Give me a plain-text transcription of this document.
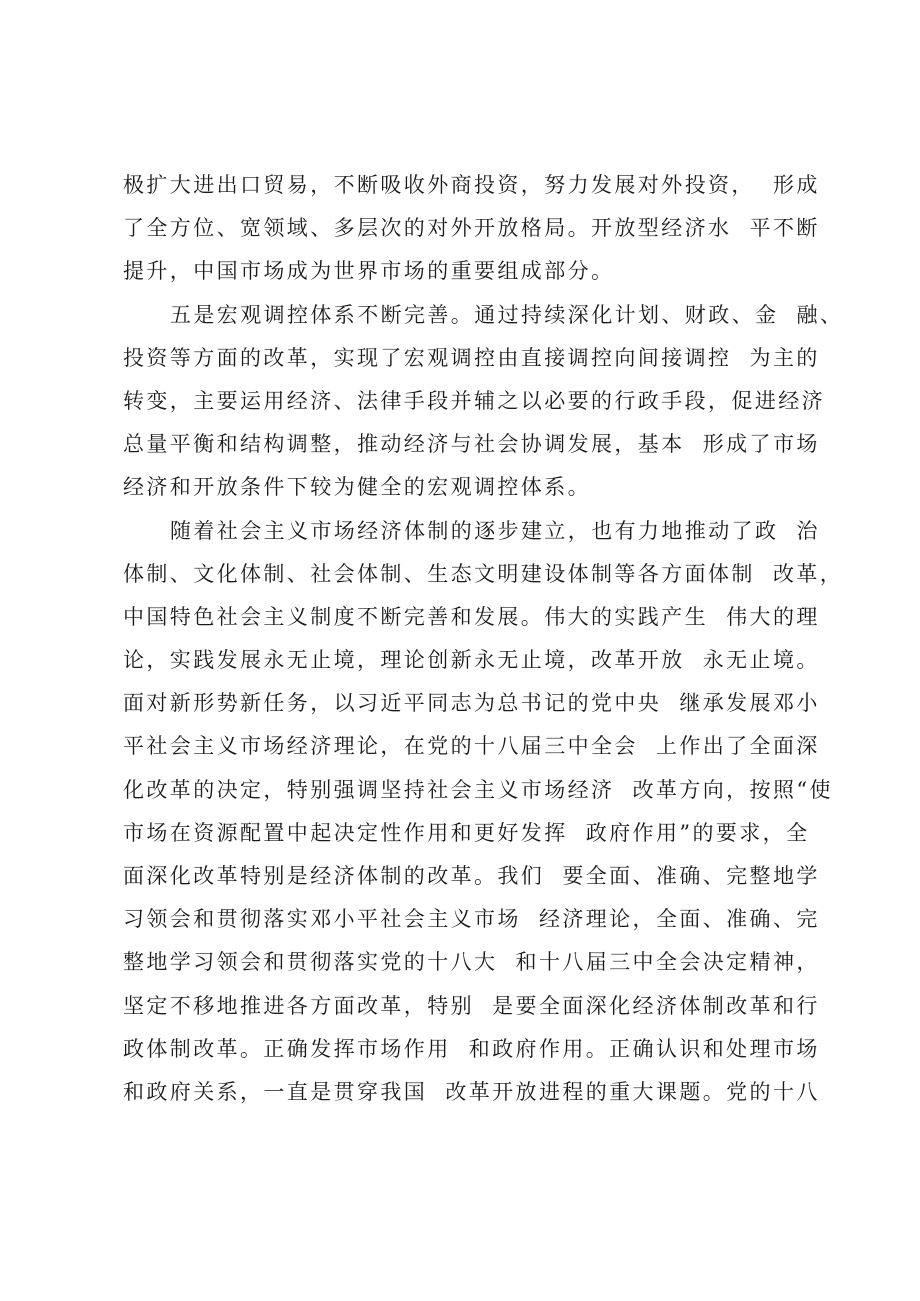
极扩大进出口贸易，不断吸收外商投资，努力发展对外投资，  形成
了全方位、宽领域、多层次的对外开放格局。开放型经济水  平不断
提升，中国市场成为世界市场的重要组成部分。
五是宏观调控体系不断完善。通过持续深化计划、财政、金  融、
投资等方面的改革，实现了宏观调控由直接调控向间接调控  为主的
转变，主要运用经济、法律手段并辅之以必要的行政手段，促进经济
总量平衡和结构调整，推动经济与社会协调发展，基本  形成了市场
经济和开放条件下较为健全的宏观调控体系。
随着社会主义市场经济体制的逐步建立，也有力地推动了政  治
体制、文化体制、社会体制、生态文明建设体制等各方面体制  改革，
中国特色社会主义制度不断完善和发展。伟大的实践产生  伟大的理
论，实践发展永无止境，理论创新永无止境，改革开放  永无止境。
面对新形势新任务，以习近平同志为总书记的党中央  继承发展邓小
平社会主义市场经济理论，在党的十八届三中全会  上作出了全面深
化改革的决定，特别强调坚持社会主义市场经济  改革方向，按照“使
市场在资源配置中起决定性作用和更好发挥  政府作用”的要求，全
面深化改革特别是经济体制的改革。我们  要全面、准确、完整地学
习领会和贯彻落实邓小平社会主义市场  经济理论，全面、准确、完
整地学习领会和贯彻落实党的十八大  和十八届三中全会决定精神，
坚定不移地推进各方面改革，特别  是要全面深化经济体制改革和行
政体制改革。正确发挥市场作用  和政府作用。正确认识和处理市场
和政府关系，一直是贯穿我国  改革开放进程的重大课题。党的十八
